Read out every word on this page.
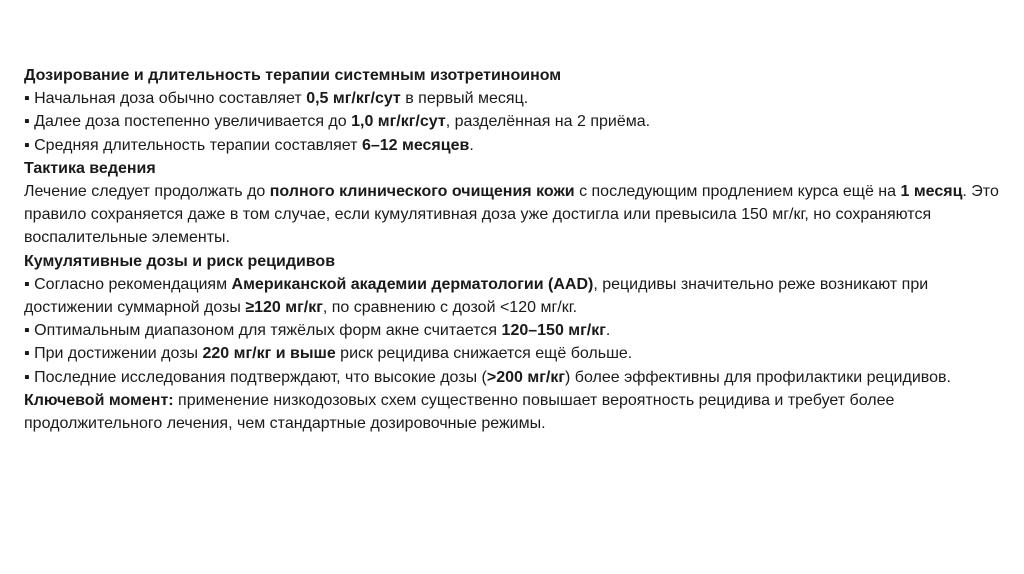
Дозирование и длительность терапии системным изотретиноином

▪ Начальная доза обычно составляет 0,5 мг/кг/сут в первый месяц.

▪ Далее доза постепенно увеличивается до 1,0 мг/кг/сут, разделённая на 2 приёма.

▪ Средняя длительность терапии составляет 6–12 месяцев.

Тактика ведения

Лечение следует продолжать до полного клинического очищения кожи с последующим продлением курса ещё на 1 месяц. Это правило сохраняется даже в том случае, если кумулятивная доза уже достигла или превысила 150 мг/кг, но сохраняются воспалительные элементы.

Кумулятивные дозы и риск рецидивов

▪ Согласно рекомендациям Американской академии дерматологии (AAD), рецидивы значительно реже возникают при достижении суммарной дозы ≥120 мг/кг, по сравнению с дозой <120 мг/кг.

▪ Оптимальным диапазоном для тяжёлых форм акне считается 120–150 мг/кг.

▪ При достижении дозы 220 мг/кг и выше риск рецидива снижается ещё больше.

▪ Последние исследования подтверждают, что высокие дозы (>200 мг/кг) более эффективны для профилактики рецидивов.

Ключевой момент: применение низкодозовых схем существенно повышает вероятность рецидива и требует более продолжительного лечения, чем стандартные дозировочные режимы.
